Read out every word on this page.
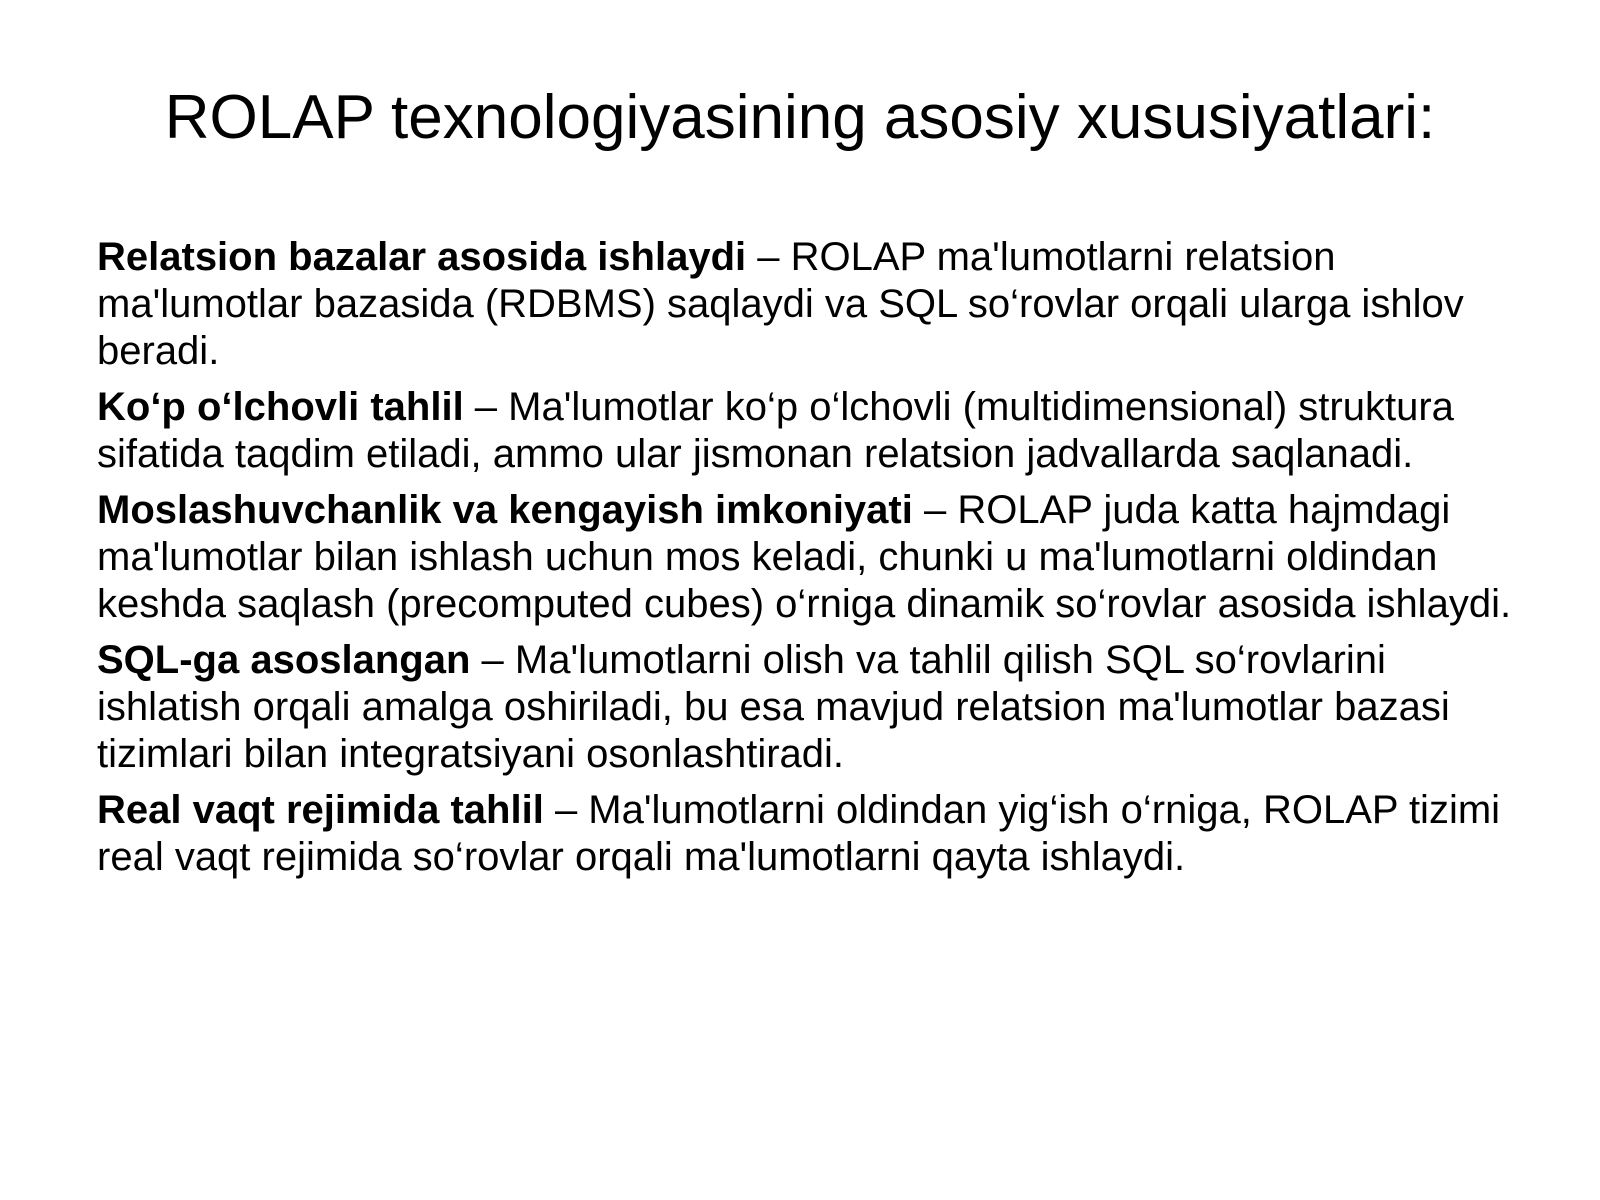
ROLAP texnologiyasining asosiy xususiyatlari:

Relatsion bazalar asosida ishlaydi – ROLAP ma'lumotlarni relatsion ma'lumotlar bazasida (RDBMS) saqlaydi va SQL so‘rovlar orqali ularga ishlov beradi.

Ko‘p o‘lchovli tahlil – Ma'lumotlar ko‘p o‘lchovli (multidimensional) struktura sifatida taqdim etiladi, ammo ular jismonan relatsion jadvallarda saqlanadi.

Moslashuvchanlik va kengayish imkoniyati – ROLAP juda katta hajmdagi ma'lumotlar bilan ishlash uchun mos keladi, chunki u ma'lumotlarni oldindan keshda saqlash (precomputed cubes) o‘rniga dinamik so‘rovlar asosida ishlaydi.

SQL-ga asoslangan – Ma'lumotlarni olish va tahlil qilish SQL so‘rovlarini ishlatish orqali amalga oshiriladi, bu esa mavjud relatsion ma'lumotlar bazasi tizimlari bilan integratsiyani osonlashtiradi.

Real vaqt rejimida tahlil – Ma'lumotlarni oldindan yig‘ish o‘rniga, ROLAP tizimi real vaqt rejimida so‘rovlar orqali ma'lumotlarni qayta ishlaydi.
